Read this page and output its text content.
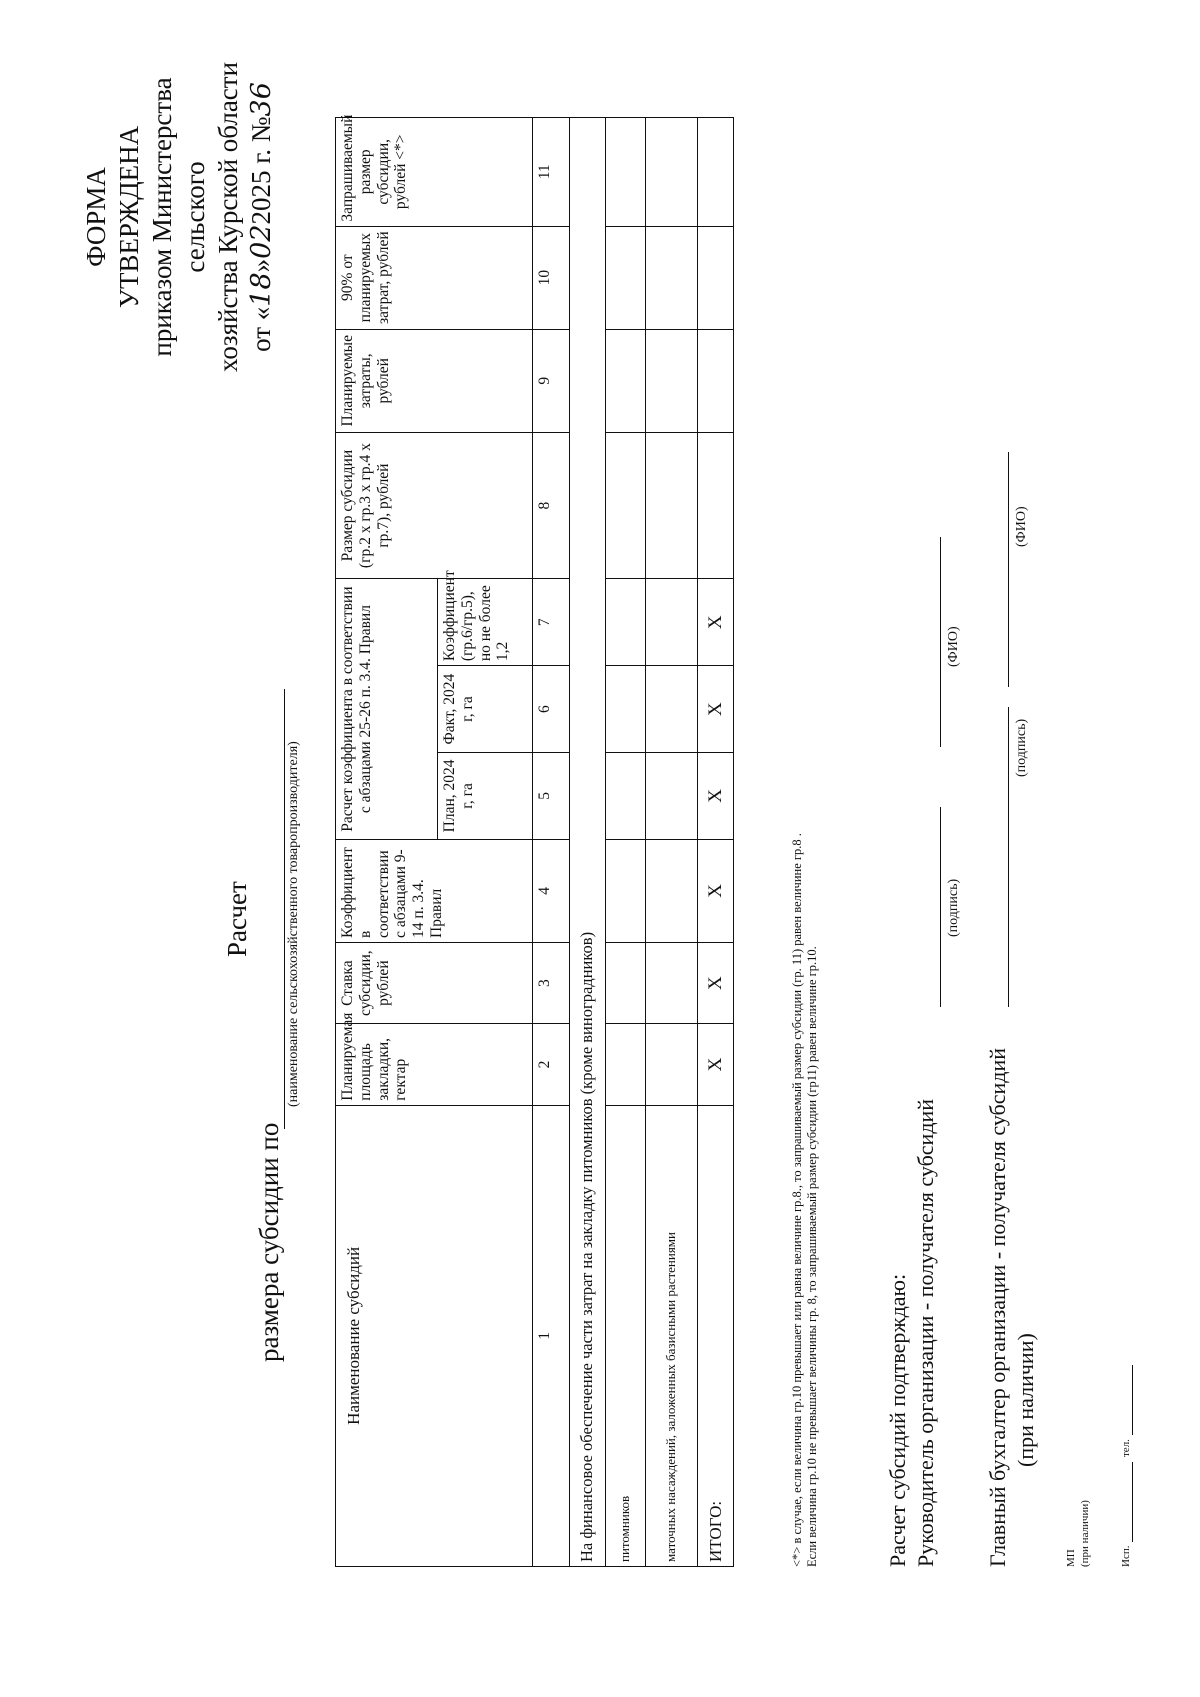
ФОРМА УТВЕРЖДЕНА приказом Министерства сельского хозяйства Курской области от «18»022025 г. №36
Расчет
размера субсидии по
(наименование сельскохозяйственного товаропроизводителя)
Наименование субсидий	Планируемая площадь закладки, гектар	Ставка субсидии, рублей	Коэффициент в соответствии с абзацами 9-14 п. 3.4. Правил	Расчет коэффициента в соответствии с абзацами 25-26 п. 3.4. Правил			Размер субсидии (гр.2 х гр.3 х гр.4 х гр.7), рублей	Планируемые затраты, рублей	90% от планируемых затрат, рублей	Запрашиваемый размер субсидии, рублей <*>
				План, 2024 г, га	Факт, 2024 г, га	Коэффициент (гр.6/гр.5), но не более 1,2				
1	2	3	4	5	6	7	8	9	10	11
На финансовое обеспечение части затрат на закладку питомников (кроме виноградников)										
питомников										
маточных насаждений, заложенных базисными растениями										
ИТОГО:	Х	Х	Х	Х	Х	Х				
<*> в случае, если величина гр.10 превышает или равна величине гр.8., то запрашиваемый размер субсидии (гр. 11) равен величине гр.8 . Если величина гр.10 не превышает величины гр. 8, то запрашиваемый размер субсидии (гр11) равен величине гр.10.	Расчет субсидий подтверждаю: Руководитель организации - получателя субсидий
(подпись)
(ФИО)
Главный бухгалтер организации - получателя субсидий (при наличии)
(подпись)
(ФИО)
МП (при наличии)	Исп.
тел.
